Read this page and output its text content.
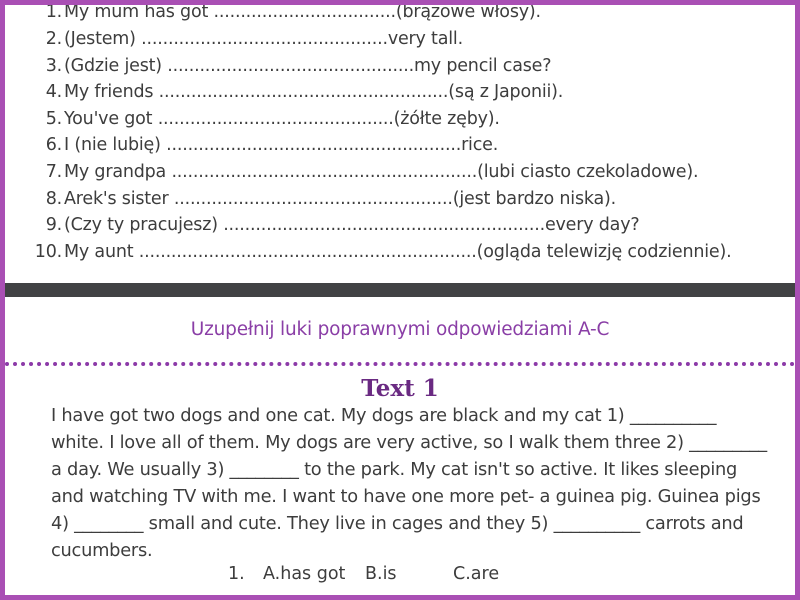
1. My mum has got ..................................(brązowe włosy).
2. (Jestem) ..............................................very tall.
3. (Gdzie jest) ..............................................my pencil case?
4. My friends ......................................................(są z Japonii).
5. You've got ............................................(żółte zęby).
6. I (nie lubię) .......................................................rice.
7. My grandpa .........................................................(lubi ciasto czekoladowe).
8. Arek's sister ....................................................(jest bardzo niska).
9. (Czy ty pracujesz) ............................................................every day?
10. My aunt ...............................................................(ogląda telewizję codziennie).
Uzupełnij luki poprawnymi odpowiedziami A-C
Text 1
I have got two dogs and one cat. My dogs are black and my cat 1) __________
white. I love all of them. My dogs are very active, so I walk them three 2) _________
a day. We usually 3) ________ to the park. My cat isn't so active. It likes sleeping
and watching TV with me. I want to have one more pet- a guinea pig. Guinea pigs
4) ________ small and cute. They live in cages and they 5) __________ carrots and
cucumbers.
1. A.has got B.is	C.are
